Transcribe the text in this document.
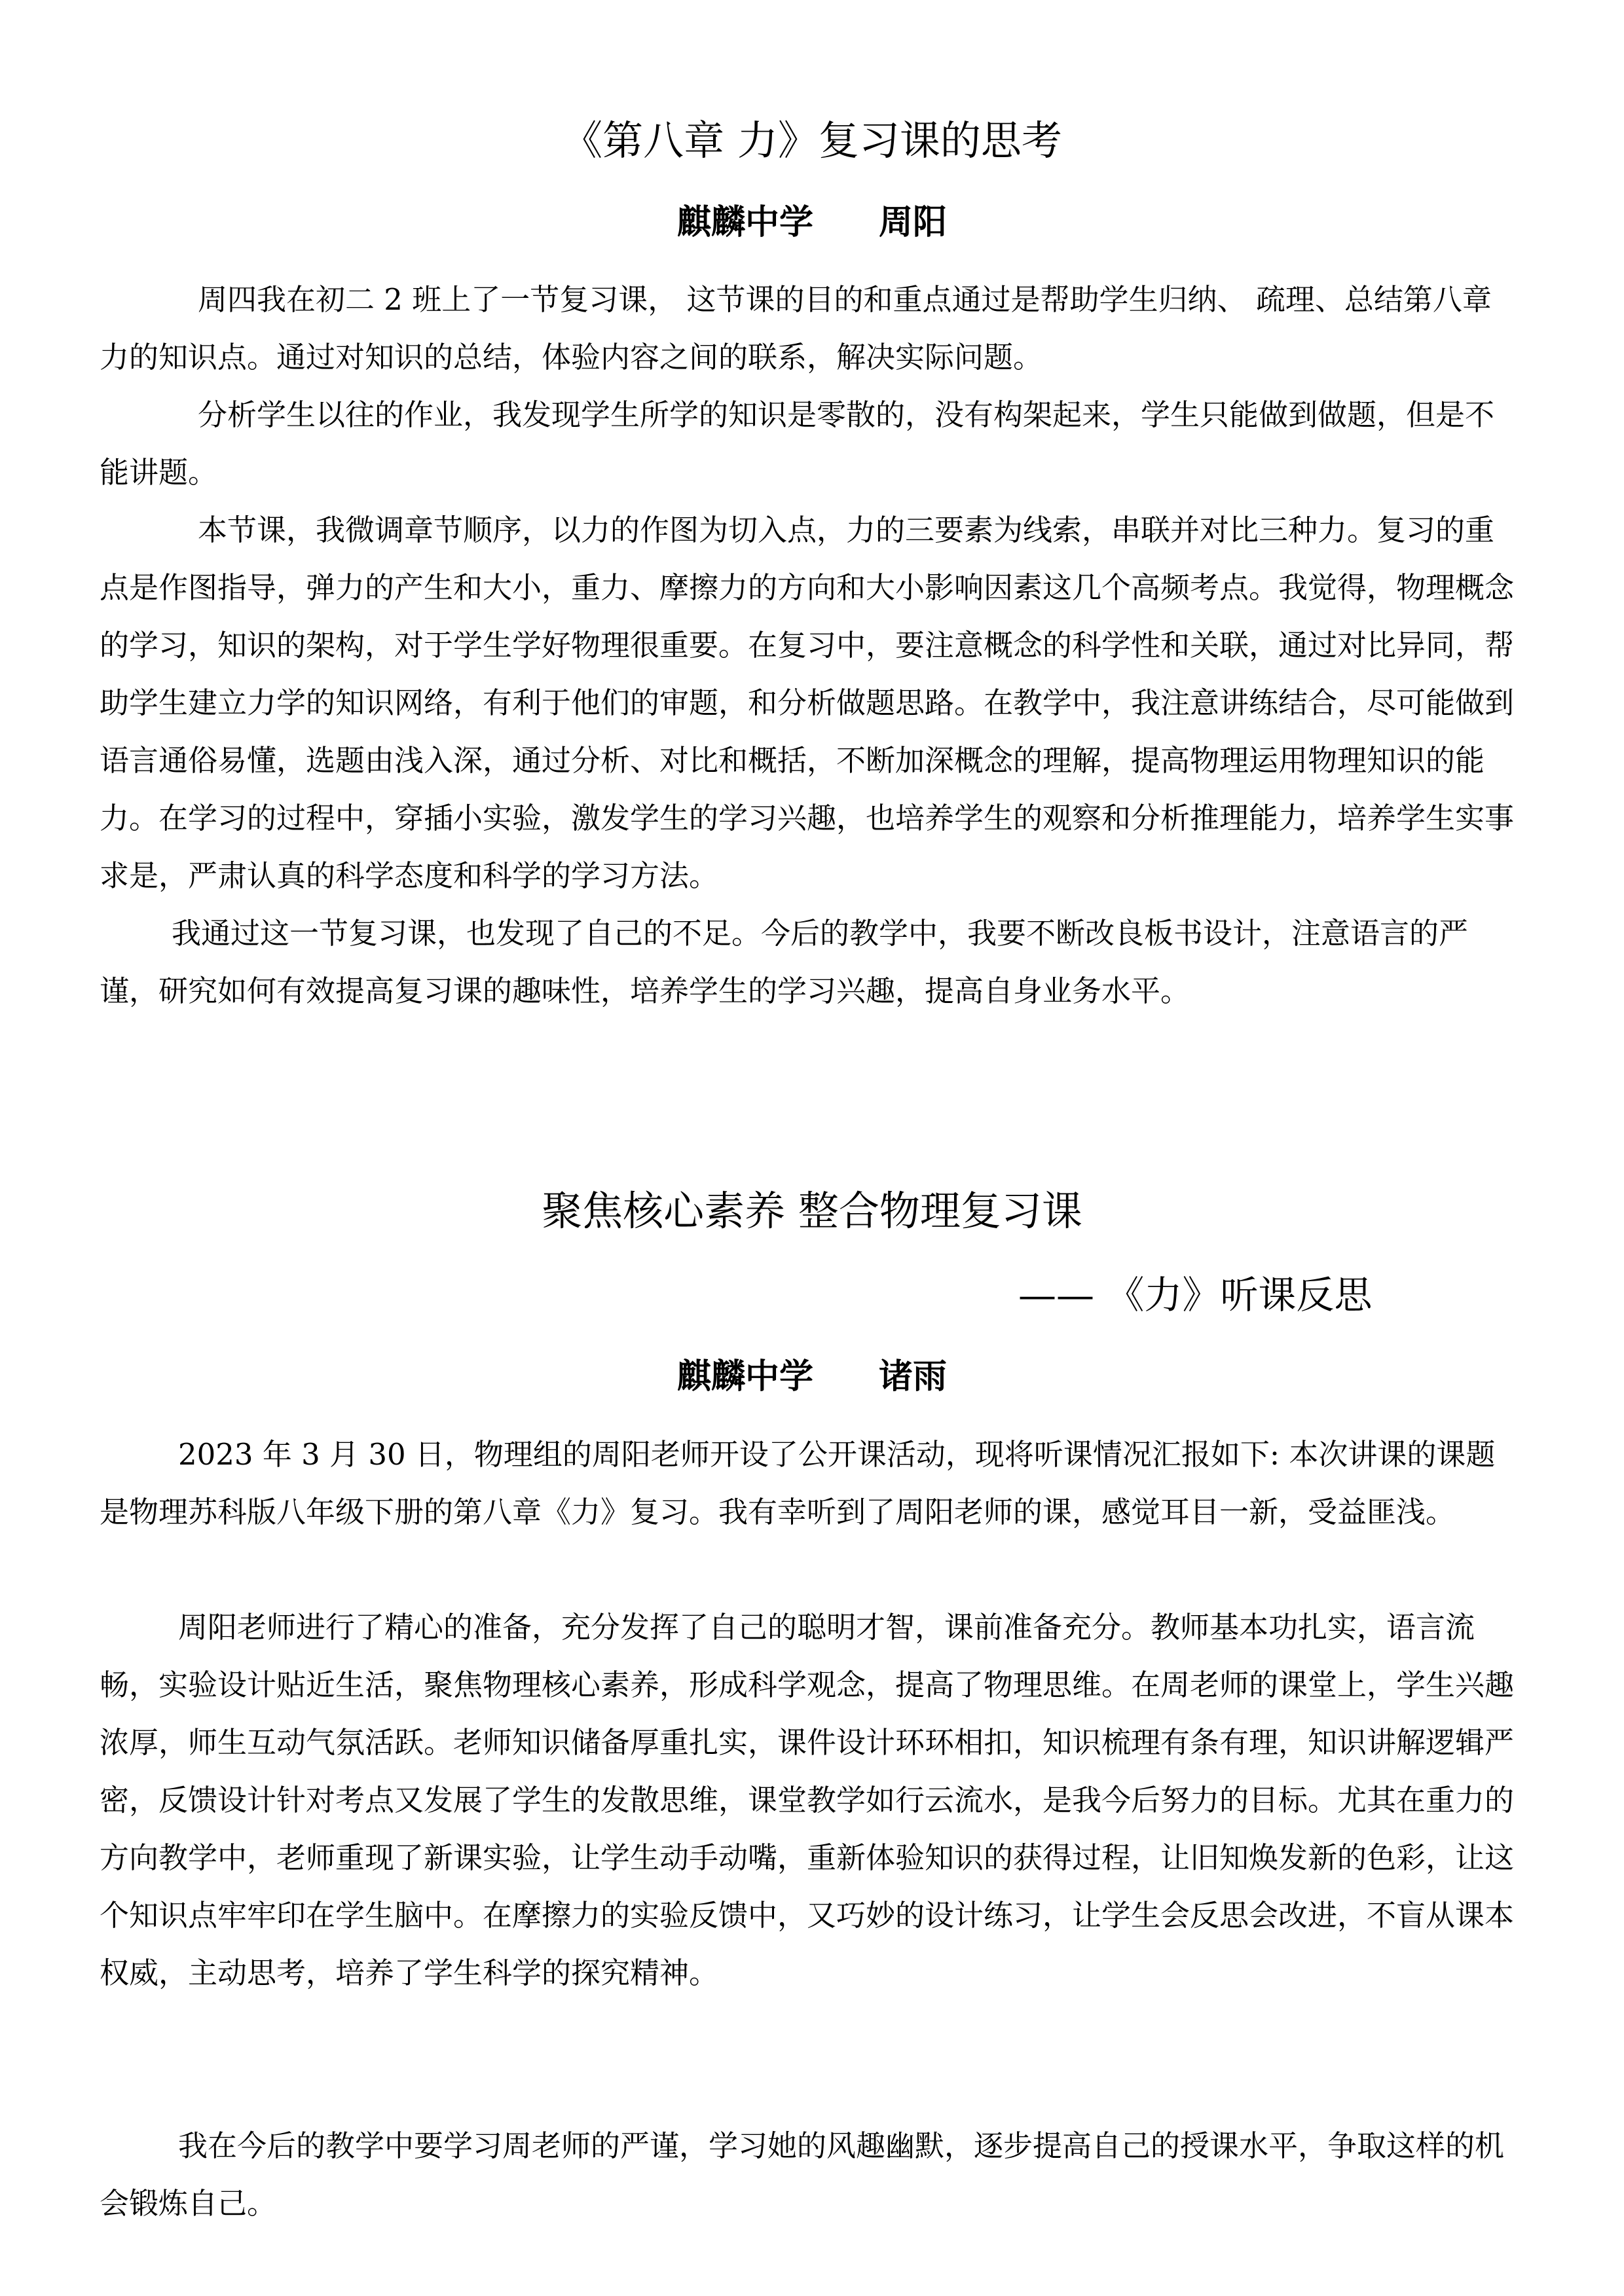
《第八章 力》复习课的思考
麒麟中学 周阳

周四我在初二 2 班上了一节复习课， 这节课的目的和重点通过是帮助学生归纳、 疏理、总结第八章力的知识点。通过对知识的总结，体验内容之间的联系，解决实际问题。

分析学生以往的作业，我发现学生所学的知识是零散的，没有构架起来，学生只能做到做题，但是不能讲题。

本节课，我微调章节顺序，以力的作图为切入点，力的三要素为线索，串联并对比三种力。复习的重点是作图指导，弹力的产生和大小，重力、摩擦力的方向和大小影响因素这几个高频考点。我觉得，物理概念的学习，知识的架构，对于学生学好物理很重要。在复习中，要注意概念的科学性和关联，通过对比异同，帮助学生建立力学的知识网络，有利于他们的审题，和分析做题思路。在教学中，我注意讲练结合，尽可能做到语言通俗易懂，选题由浅入深，通过分析、对比和概括，不断加深概念的理解，提高物理运用物理知识的能力。在学习的过程中，穿插小实验，激发学生的学习兴趣，也培养学生的观察和分析推理能力，培养学生实事求是，严肃认真的科学态度和科学的学习方法。

我通过这一节复习课，也发现了自己的不足。今后的教学中，我要不断改良板书设计，注意语言的严谨，研究如何有效提高复习课的趣味性，培养学生的学习兴趣，提高自身业务水平。

聚焦核心素养 整合物理复习课
—— 《力》听课反思
麒麟中学 诸雨

2023 年 3 月 30 日，物理组的周阳老师开设了公开课活动，现将听课情况汇报如下: 本次讲课的课题是物理苏科版八年级下册的第八章《力》复习。我有幸听到了周阳老师的课，感觉耳目一新，受益匪浅。

周阳老师进行了精心的准备，充分发挥了自己的聪明才智，课前准备充分。教师基本功扎实，语言流畅，实验设计贴近生活，聚焦物理核心素养，形成科学观念，提高了物理思维。在周老师的课堂上，学生兴趣浓厚，师生互动气氛活跃。老师知识储备厚重扎实，课件设计环环相扣，知识梳理有条有理，知识讲解逻辑严密，反馈设计针对考点又发展了学生的发散思维，课堂教学如行云流水，是我今后努力的目标。尤其在重力的方向教学中，老师重现了新课实验，让学生动手动嘴，重新体验知识的获得过程，让旧知焕发新的色彩，让这个知识点牢牢印在学生脑中。在摩擦力的实验反馈中，又巧妙的设计练习，让学生会反思会改进，不盲从课本权威，主动思考，培养了学生科学的探究精神。

我在今后的教学中要学习周老师的严谨，学习她的风趣幽默，逐步提高自己的授课水平，争取这样的机会锻炼自己。
